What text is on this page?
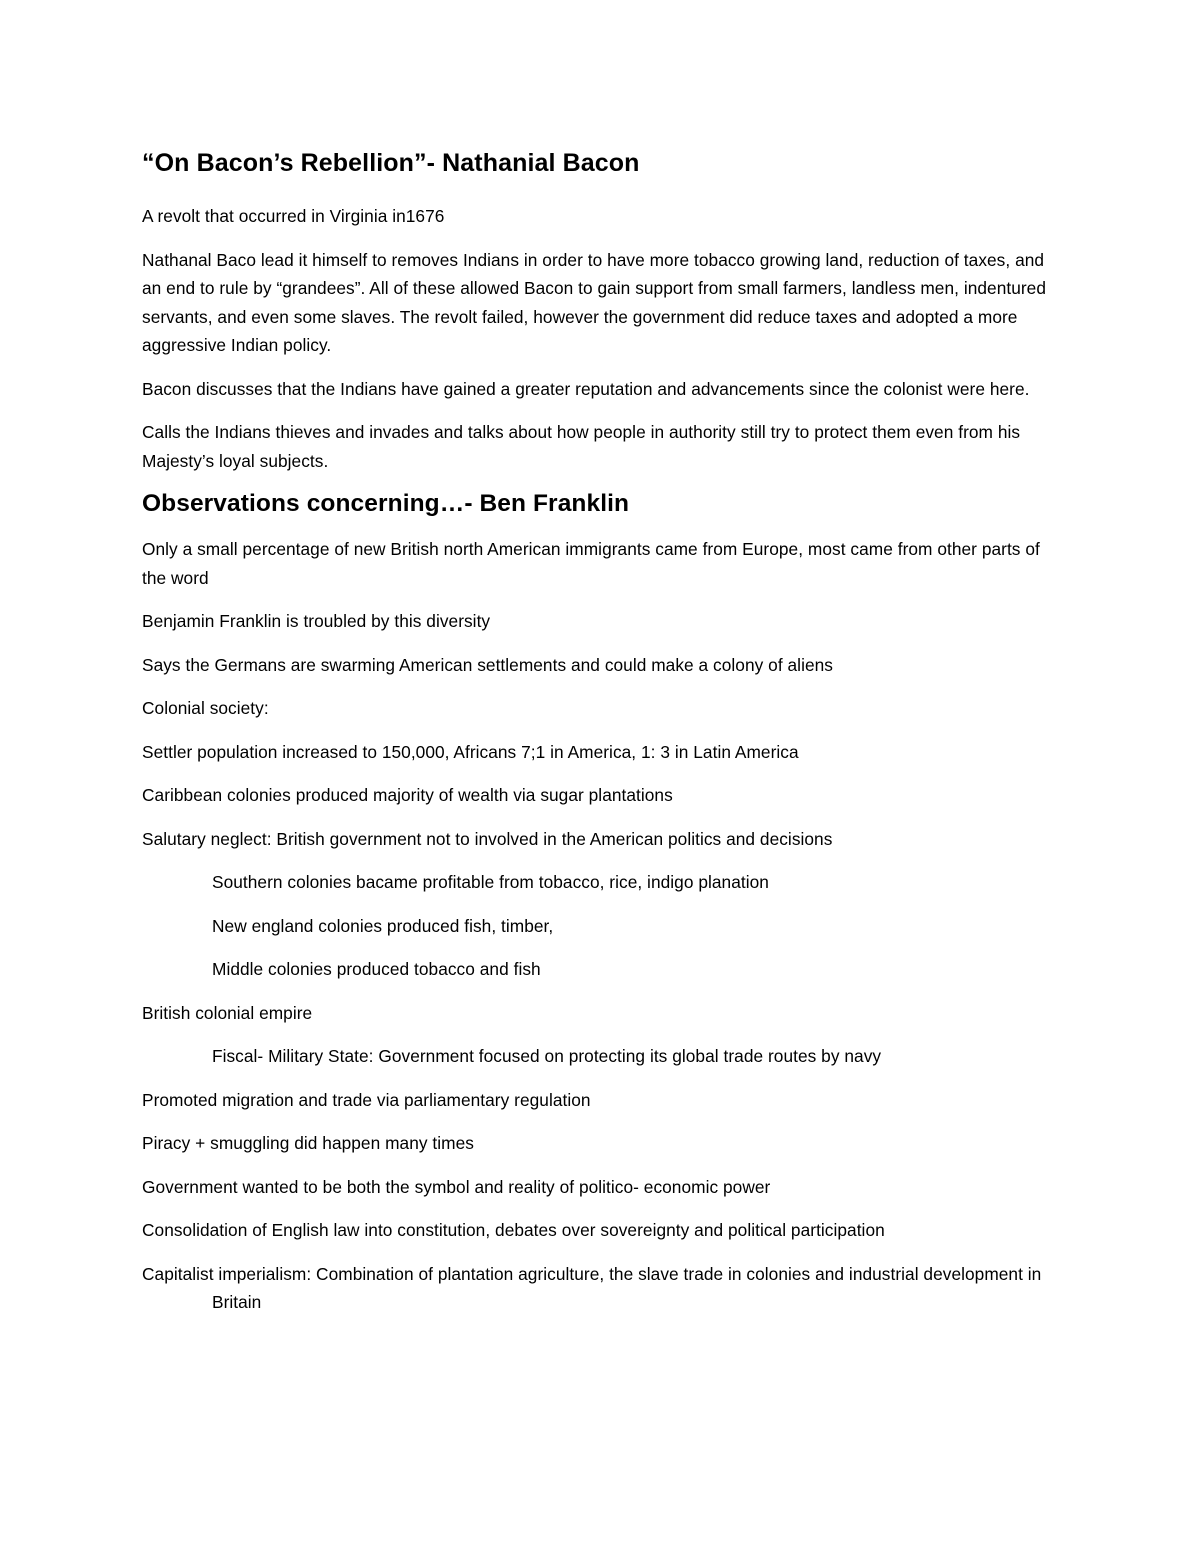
“On Bacon’s Rebellion”- Nathanial Bacon

A revolt that occurred in Virginia in1676

Nathanal Baco lead it himself to removes Indians in order to have more tobacco growing land, reduction of taxes, and an end to rule by “grandees”. All of these allowed Bacon to gain support from small farmers, landless men, indentured servants, and even some slaves. The revolt failed, however the government did reduce taxes and adopted a more aggressive Indian policy.

Bacon discusses that the Indians have gained a greater reputation and advancements since the colonist were here.

Calls the Indians thieves and invades and talks about how people in authority still try to protect them even from his Majesty’s loyal subjects.

Observations concerning…- Ben Franklin

Only a small percentage of new British north American immigrants came from Europe, most came from other parts of the word

Benjamin Franklin is troubled by this diversity

Says the Germans are swarming American settlements and could make a colony of aliens

Colonial society:

Settler population increased to 150,000, Africans 7;1 in America, 1: 3 in Latin America

Caribbean colonies produced majority of wealth via sugar plantations

Salutary neglect: British government not to involved in the American politics and decisions

Southern colonies bacame profitable from tobacco, rice, indigo planation

New england colonies produced fish, timber,

Middle colonies produced tobacco and fish

British colonial empire

Fiscal- Military State: Government focused on protecting its global trade routes by navy

Promoted migration and trade via parliamentary regulation

Piracy + smuggling did happen many times

Government wanted to be both the symbol and reality of politico- economic power

Consolidation of English law into constitution, debates over sovereignty and political participation

Capitalist imperialism: Combination of plantation agriculture, the slave trade in colonies and industrial development in Britain
